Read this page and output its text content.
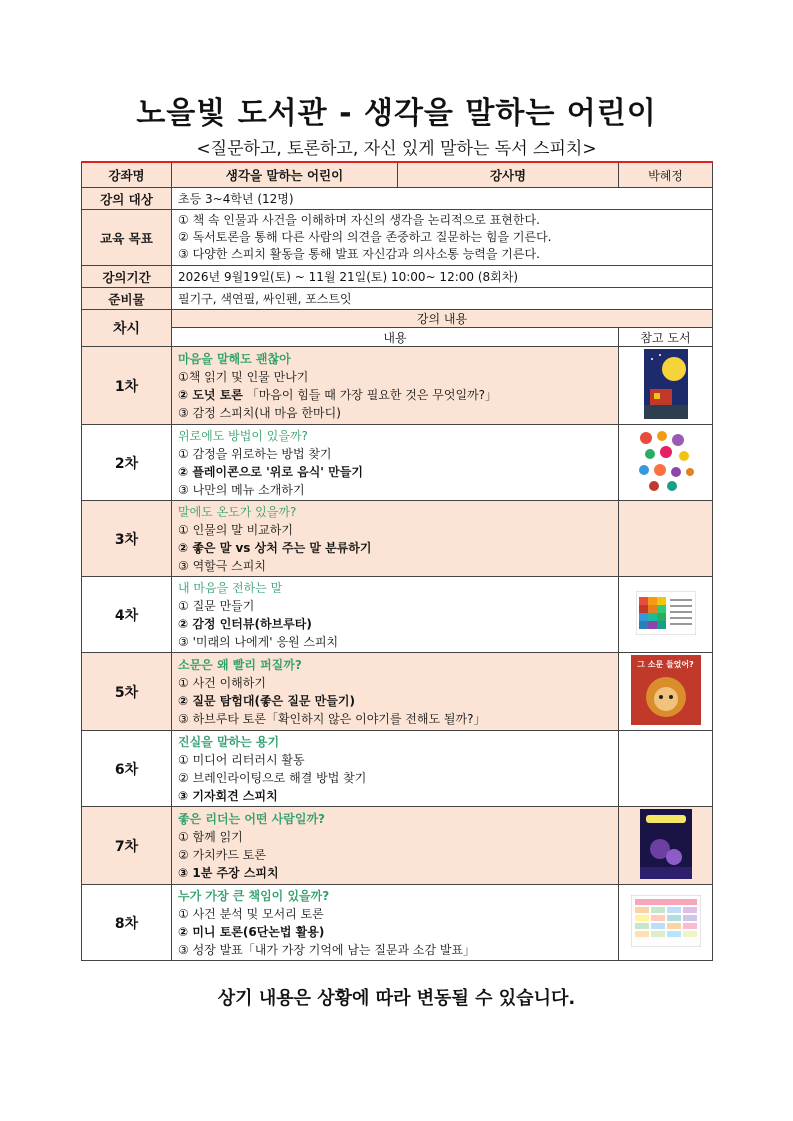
노을빛 도서관 - 생각을 말하는 어린이
<질문하고, 토론하고, 자신 있게 말하는 독서 스피치>
강좌명	생각을 말하는 어린이	강사명	박혜정
강의 대상	초등 3~4학년 (12명)		
교육 목표	① 책 속 인물과 사건을 이해하며 자신의 생각을 논리적으로 표현한다.
② 독서토론을 통해 다른 사람의 의견을 존중하고 질문하는 힘을 기른다.
③ 다양한 스피치 활동을 통해 발표 자신감과 의사소통 능력을 기른다.		

강의기간	2026년 9월19일(토) ~ 11월 21일(토) 10:00~ 12:00 (8회차)		
준비물	필기구, 색연필, 싸인펜, 포스트잇		
차시	강의 내용		
	내용		참고 도서
1차	마음을 말해도 괜찮아
①책 읽기 및 인물 만나기
② 도넛 토론 「마음이 힘들 때 가장 필요한 것은 무엇일까?」
③ 감정 스피치(내 마음 한마디)

2차	위로에도 방법이 있을까?
① 감정을 위로하는 방법 찾기
② 플레이콘으로 '위로 음식' 만들기
③ 나만의 메뉴 소개하기

3차	말에도 온도가 있을까?
① 인물의 말 비교하기
② 좋은 말 vs 상처 주는 말 분류하기
③ 역할극 스피치		

4차	내 마음을 전하는 말
① 질문 만들기
② 감정 인터뷰(하브루타)
③ '미래의 나에게' 응원 스피치

5차	소문은 왜 빨리 퍼질까?
① 사건 이해하기
② 질문 탐험대(좋은 질문 만들기)
③ 하브루타 토론「확인하지 않은 이야기를 전해도 될까?」		그 소문 들었어?

6차	진실을 말하는 용기
① 미디어 리터러시 활동
② 브레인라이팅으로 해결 방법 찾기
③ 기자회견 스피치		

7차	좋은 리더는 어떤 사람일까?
① 함께 읽기
② 가치카드 토론
③ 1분 주장 스피치

8차	누가 가장 큰 책임이 있을까?
① 사건 분석 및 모서리 토론
② 미니 토론(6단논법 활용)
③ 성장 발표「내가 가장 기억에 남는 질문과 소감 발표」

상기 내용은 상황에 따라 변동될 수 있습니다.
